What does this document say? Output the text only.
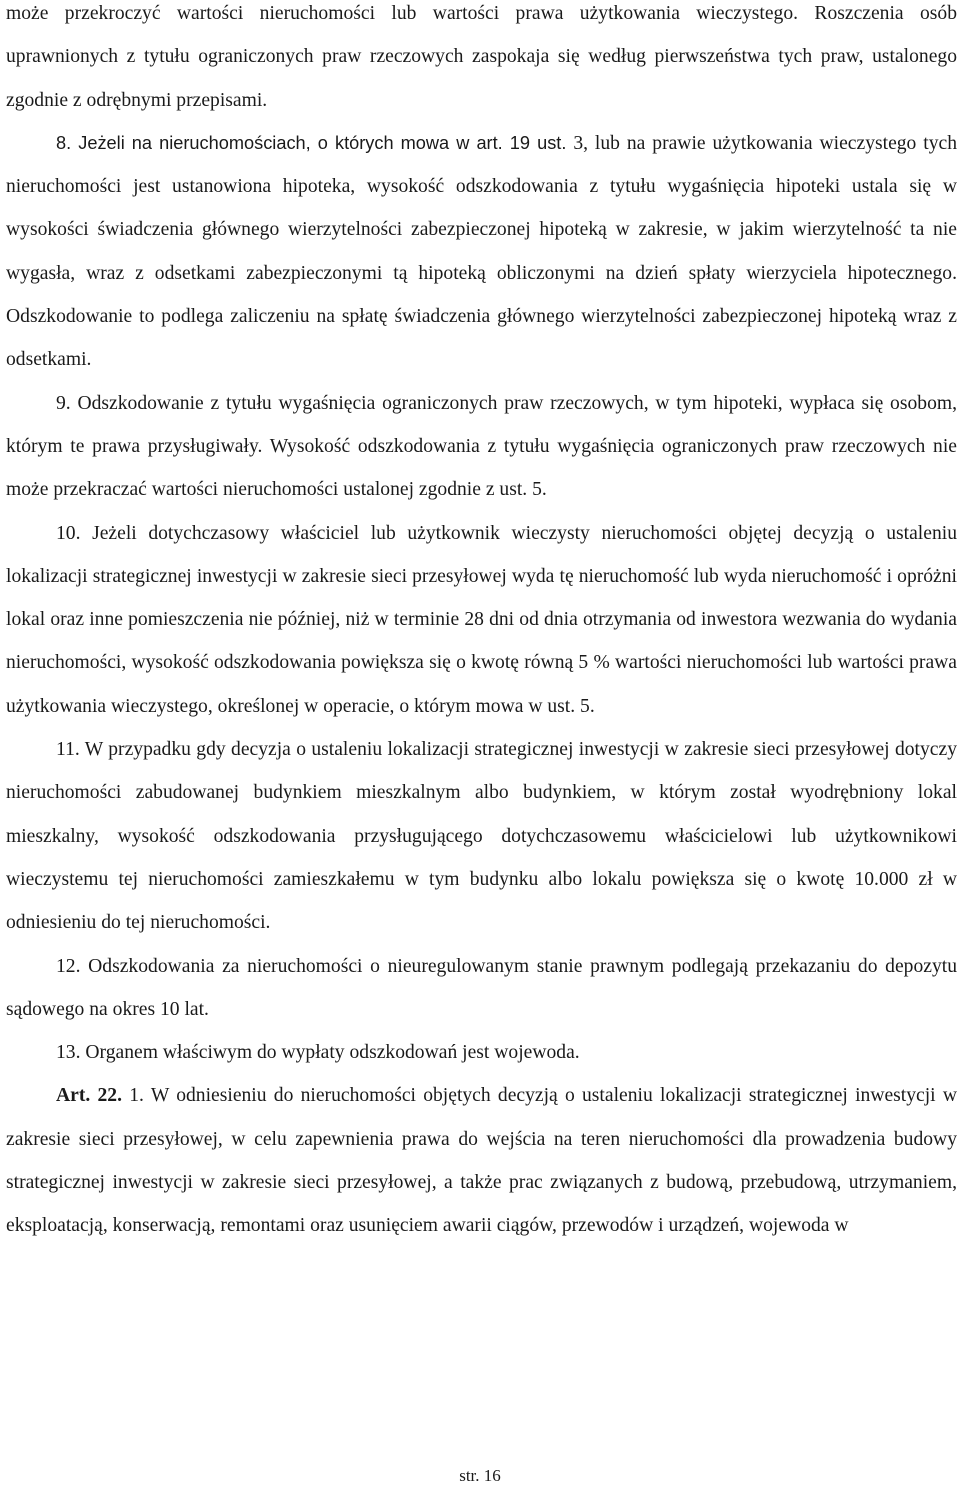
może przekroczyć wartości nieruchomości lub wartości prawa użytkowania wieczystego. Roszczenia osób uprawnionych z tytułu ograniczonych praw rzeczowych zaspokaja się według pierwszeństwa tych praw, ustalonego zgodnie z odrębnymi przepisami.

8. Jeżeli na nieruchomościach, o których mowa w art. 19 ust. 3, lub na prawie użytkowania wieczystego tych nieruchomości jest ustanowiona hipoteka, wysokość odszkodowania z tytułu wygaśnięcia hipoteki ustala się w wysokości świadczenia głównego wierzytelności zabezpieczonej hipoteką w zakresie, w jakim wierzytelność ta nie wygasła, wraz z odsetkami zabezpieczonymi tą hipoteką obliczonymi na dzień spłaty wierzyciela hipotecznego. Odszkodowanie to podlega zaliczeniu na spłatę świadczenia głównego wierzytelności zabezpieczonej hipoteką wraz z odsetkami.

9. Odszkodowanie z tytułu wygaśnięcia ograniczonych praw rzeczowych, w tym hipoteki, wypłaca się osobom, którym te prawa przysługiwały. Wysokość odszkodowania z tytułu wygaśnięcia ograniczonych praw rzeczowych nie może przekraczać wartości nieruchomości ustalonej zgodnie z ust. 5.

10. Jeżeli dotychczasowy właściciel lub użytkownik wieczysty nieruchomości objętej decyzją o ustaleniu lokalizacji strategicznej inwestycji w zakresie sieci przesyłowej wyda tę nieruchomość lub wyda nieruchomość i opróżni lokal oraz inne pomieszczenia nie później, niż w terminie 28 dni od dnia otrzymania od inwestora wezwania do wydania nieruchomości, wysokość odszkodowania powiększa się o kwotę równą 5 % wartości nieruchomości lub wartości prawa użytkowania wieczystego, określonej w operacie, o którym mowa w ust. 5.

11. W przypadku gdy decyzja o ustaleniu lokalizacji strategicznej inwestycji w zakresie sieci przesyłowej dotyczy nieruchomości zabudowanej budynkiem mieszkalnym albo budynkiem, w którym został wyodrębniony lokal mieszkalny, wysokość odszkodowania przysługującego dotychczasowemu właścicielowi lub użytkownikowi wieczystemu tej nieruchomości zamieszkałemu w tym budynku albo lokalu powiększa się o kwotę 10.000 zł w odniesieniu do tej nieruchomości.

12. Odszkodowania za nieruchomości o nieuregulowanym stanie prawnym podlegają przekazaniu do depozytu sądowego na okres 10 lat.

13. Organem właściwym do wypłaty odszkodowań jest wojewoda.

Art. 22. 1. W odniesieniu do nieruchomości objętych decyzją o ustaleniu lokalizacji strategicznej inwestycji w zakresie sieci przesyłowej, w celu zapewnienia prawa do wejścia na teren nieruchomości dla prowadzenia budowy strategicznej inwestycji w zakresie sieci przesyłowej, a także prac związanych z budową, przebudową, utrzymaniem, eksploatacją, konserwacją, remontami oraz usunięciem awarii ciągów, przewodów i urządzeń, wojewoda w

str. 16
